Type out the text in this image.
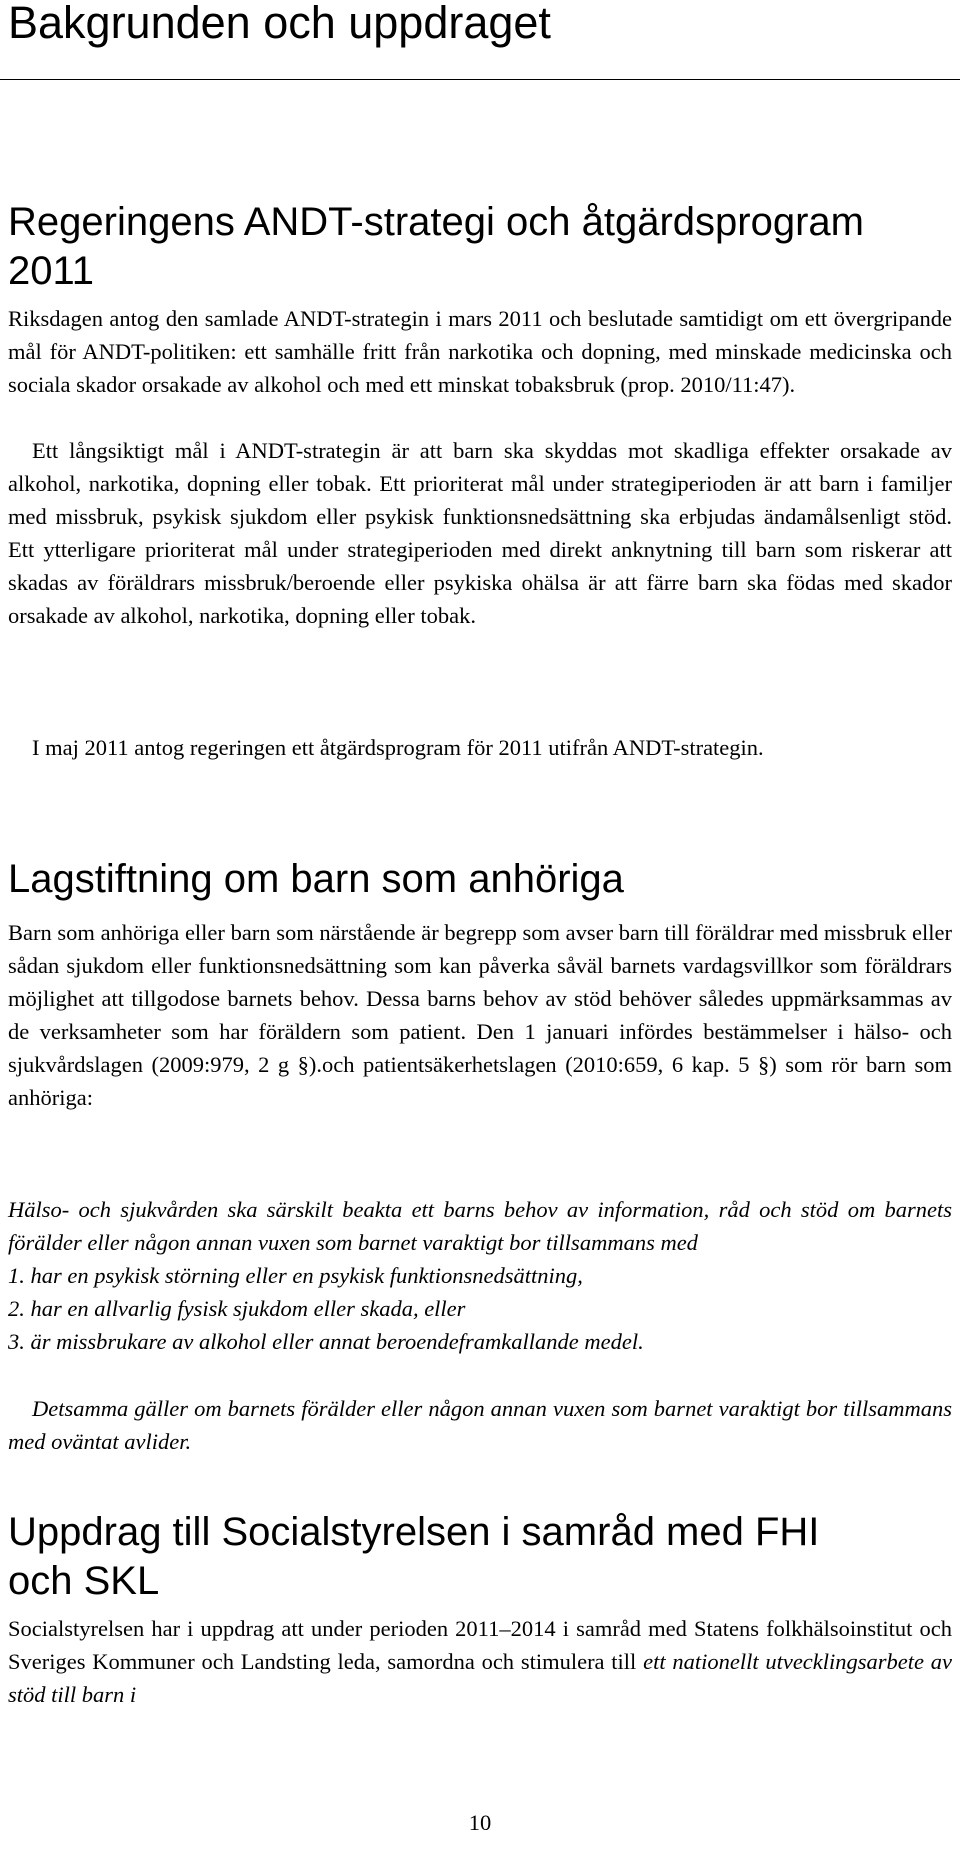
Bakgrunden och uppdraget
Regeringens ANDT-strategi och åtgärdsprogram
2011

Riksdagen antog den samlade ANDT-strategin i mars 2011 och beslutade samtidigt om ett övergripande mål för ANDT-politiken: ett samhälle fritt från narkotika och dopning, med minskade medicinska och sociala skador orsakade av alkohol och med ett minskat tobaksbruk (prop. 2010/11:47).

Ett långsiktigt mål i ANDT-strategin är att barn ska skyddas mot skadliga effekter orsakade av alkohol, narkotika, dopning eller tobak. Ett prioriterat mål under strategiperioden är att barn i familjer med missbruk, psykisk sjukdom eller psykisk funktionsnedsättning ska erbjudas ändamålsenligt stöd. Ett ytterligare prioriterat mål under strategiperioden med direkt anknytning till barn som riskerar att skadas av föräldrars missbruk/beroende eller psykiska ohälsa är att färre barn ska födas med skador orsakade av alkohol, narkotika, dopning eller tobak.

I maj 2011 antog regeringen ett åtgärdsprogram för 2011 utifrån ANDT-strategin.

Lagstiftning om barn som anhöriga

Barn som anhöriga eller barn som närstående är begrepp som avser barn till föräldrar med missbruk eller sådan sjukdom eller funktionsnedsättning som kan påverka såväl barnets vardagsvillkor som föräldrars möjlighet att tillgodose barnets behov. Dessa barns behov av stöd behöver således uppmärksammas av de verksamheter som har föräldern som patient. Den 1 januari infördes bestämmelser i hälso- och sjukvårdslagen (2009:979, 2 g §).och patientsäkerhetslagen (2010:659, 6 kap. 5 §) som rör barn som anhöriga:

Hälso- och sjukvården ska särskilt beakta ett barns behov av information, råd och stöd om barnets förälder eller någon annan vuxen som barnet varaktigt bor tillsammans med
1. har en psykisk störning eller en psykisk funktionsnedsättning,
2. har en allvarlig fysisk sjukdom eller skada, eller
3. är missbrukare av alkohol eller annat beroendeframkallande medel.

Detsamma gäller om barnets förälder eller någon annan vuxen som barnet varaktigt bor tillsammans med oväntat avlider.

Uppdrag till Socialstyrelsen i samråd med FHI
och SKL

Socialstyrelsen har i uppdrag att under perioden 2011–2014 i samråd med Statens folkhälsoinstitut och Sveriges Kommuner och Landsting leda, samordna och stimulera till ett nationellt utvecklingsarbete av stöd till barn i

10
